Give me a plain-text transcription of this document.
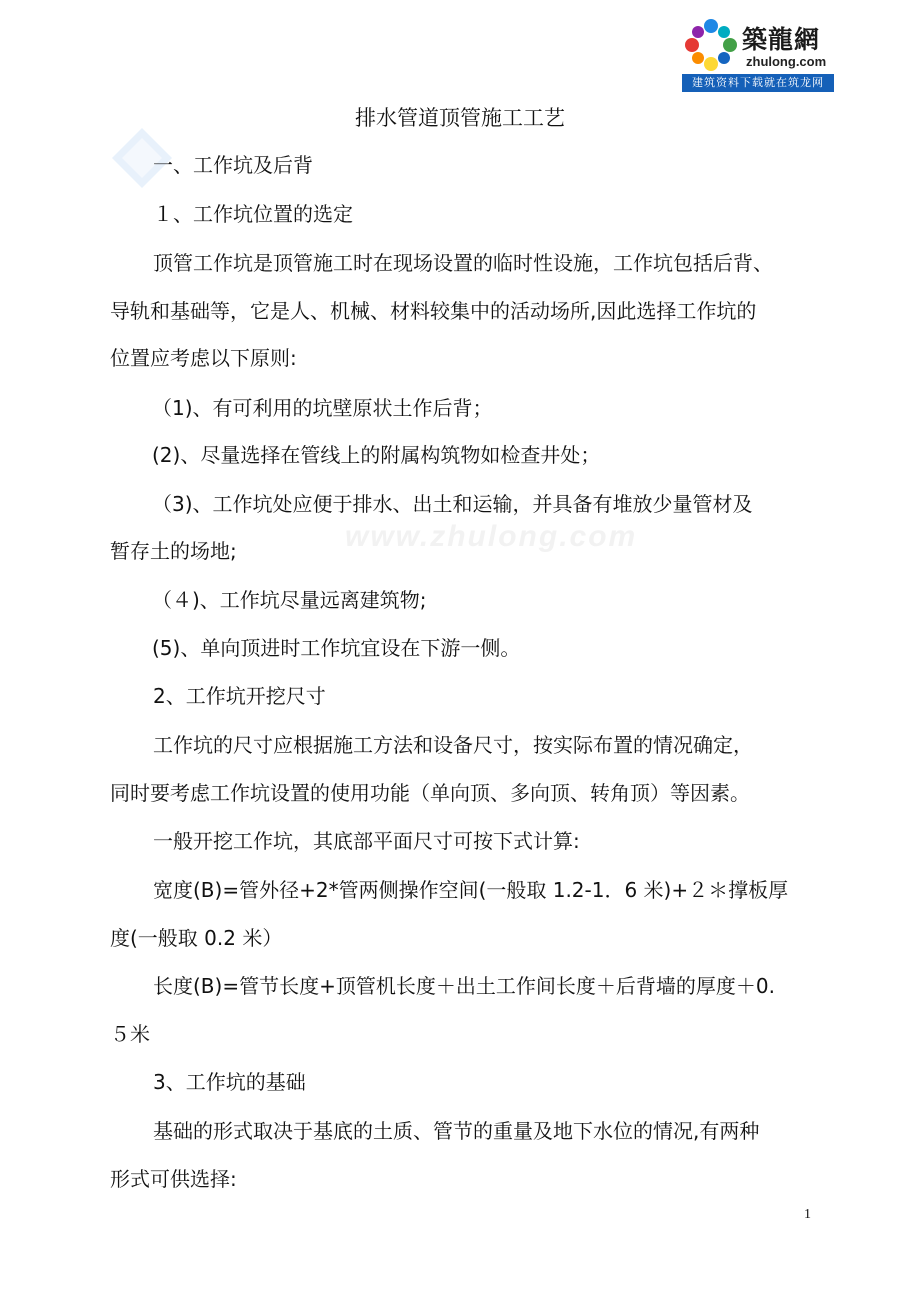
築龍網
zhulong.com
建筑资料下载就在筑龙网
www.zhulong.com
排水管道顶管施工工艺
一、工作坑及后背
１、工作坑位置的选定
顶管工作坑是顶管施工时在现场设置的临时性设施，工作坑包括后背、
导轨和基础等，它是人、机械、材料较集中的活动场所,因此选择工作坑的
位置应考虑以下原则:
（1)、有可利用的坑壁原状土作后背；
(2)、尽量选择在管线上的附属构筑物如检查井处；
（3)、工作坑处应便于排水、出土和运输，并具备有堆放少量管材及
暂存土的场地;
（４)、工作坑尽量远离建筑物;
(5)、单向顶进时工作坑宜设在下游一侧。
2、工作坑开挖尺寸
工作坑的尺寸应根据施工方法和设备尺寸，按实际布置的情况确定，
同时要考虑工作坑设置的使用功能（单向顶、多向顶、转角顶）等因素。
一般开挖工作坑，其底部平面尺寸可按下式计算:
宽度(B)=管外径+2*管两侧操作空间(一般取 1.2-1．6 米)+２＊撑板厚
度(一般取 0.2 米）
长度(B)=管节长度+顶管机长度＋出土工作间长度＋后背墙的厚度＋0.
５米
3、工作坑的基础
基础的形式取决于基底的土质、管节的重量及地下水位的情况,有两种
形式可供选择:
1
